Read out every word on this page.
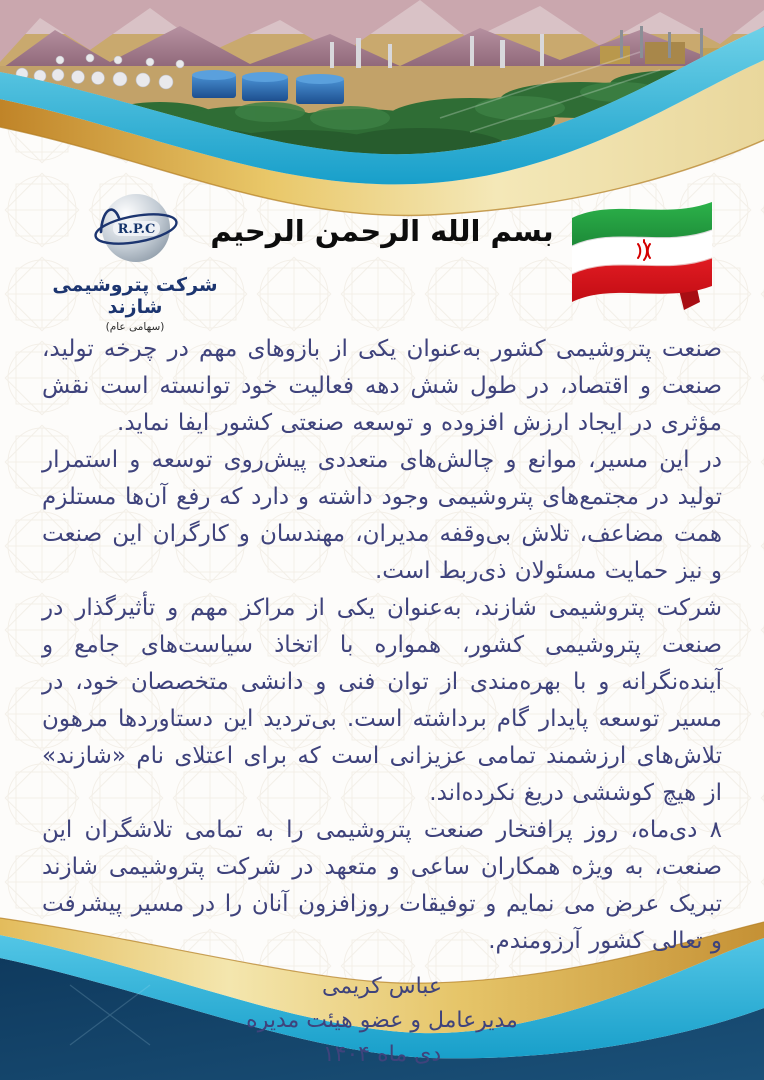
R.P.C
شرکت پتروشیمی شازند
(سهامی عام)
بسم الله الرحمن الرحیم

صنعت پتروشیمی کشور به‌عنوان یکی از بازوهای مهم در چرخه تولید، صنعت و اقتصاد، در طول شش دهه فعالیت خود توانسته است نقش مؤثری در ایجاد ارزش افزوده و توسعه صنعتی کشور ایفا نماید.

در این مسیر، موانع و چالش‌های متعددی پیش‌روی توسعه و استمرار تولید در مجتمع‌های پتروشیمی وجود داشته و دارد که رفع آن‌ها مستلزم همت مضاعف، تلاش بی‌وقفه مدیران، مهندسان و کارگران این صنعت و نیز حمایت مسئولان ذی‌ربط است.

شرکت پتروشیمی شازند، به‌عنوان یکی از مراکز مهم و تأثیرگذار در صنعت پتروشیمی کشور، همواره با اتخاذ سیاست‌های جامع و آینده‌نگرانه و با بهره‌مندی از توان فنی و دانشی متخصصان خود، در مسیر توسعه پایدار گام برداشته است. بی‌تردید این دستاوردها مرهون تلاش‌های ارزشمند تمامی عزیزانی است که برای اعتلای نام «شازند» از هیچ کوششی دریغ نکرده‌اند.

۸ دی‌ماه، روز پرافتخار صنعت پتروشیمی را به تمامی تلاشگران این صنعت، به ویژه همکاران ساعی و متعهد در شرکت پتروشیمی شازند تبریک عرض می نمایم و توفیقات روزافزون آنان را در مسیر پیشرفت و تعالی کشور آرزومندم.

عباس کریمی
مدیرعامل و عضو هیئت مدیره
دی ماه ۱۴۰۴
